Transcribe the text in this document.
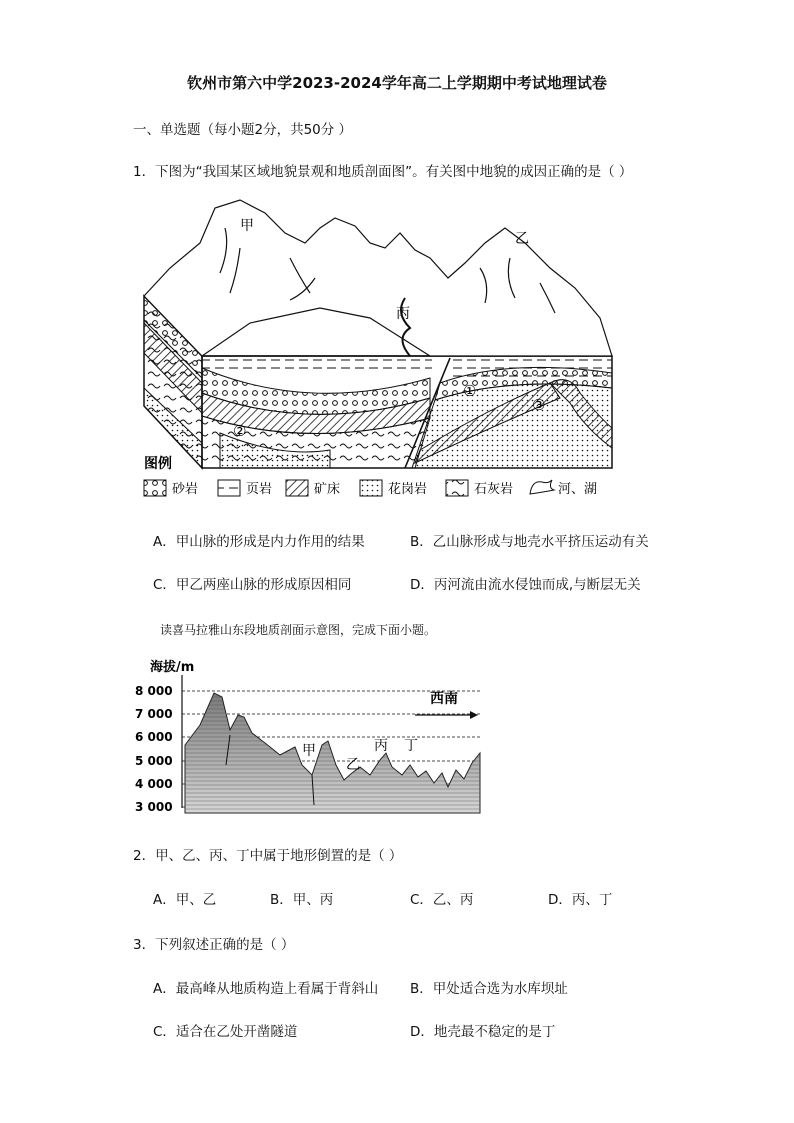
钦州市第六中学2023-2024学年高二上学期期中考试地理试卷
一、单选题（每小题2分，共50分 ）
1．下图为“我国某区域地貌景观和地质剖面图”。有关图中地貌的成因正确的是（ ）
甲
乙
丙
①
②
③
图例
砂岩	页岩	矿床	花岗岩	石灰岩	河、湖
A．甲山脉的形成是内力作用的结果	B．乙山脉形成与地壳水平挤压运动有关
C．甲乙两座山脉的形成原因相同	D．丙河流由流水侵蚀而成,与断层无关
读喜马拉雅山东段地质剖面示意图，完成下面小题。
海拔/m
8 000
7 000
6 000
5 000
4 000
3 000
西南
甲
乙
丙 丁
2．甲、乙、丙、丁中属于地形倒置的是（ ）
A．甲、乙	B．甲、丙	C．乙、丙	D．丙、丁
3．下列叙述正确的是（ ）
A．最高峰从地质构造上看属于背斜山 B．甲处适合选为水库坝址
C．适合在乙处开凿隧道	D．地壳最不稳定的是丁
